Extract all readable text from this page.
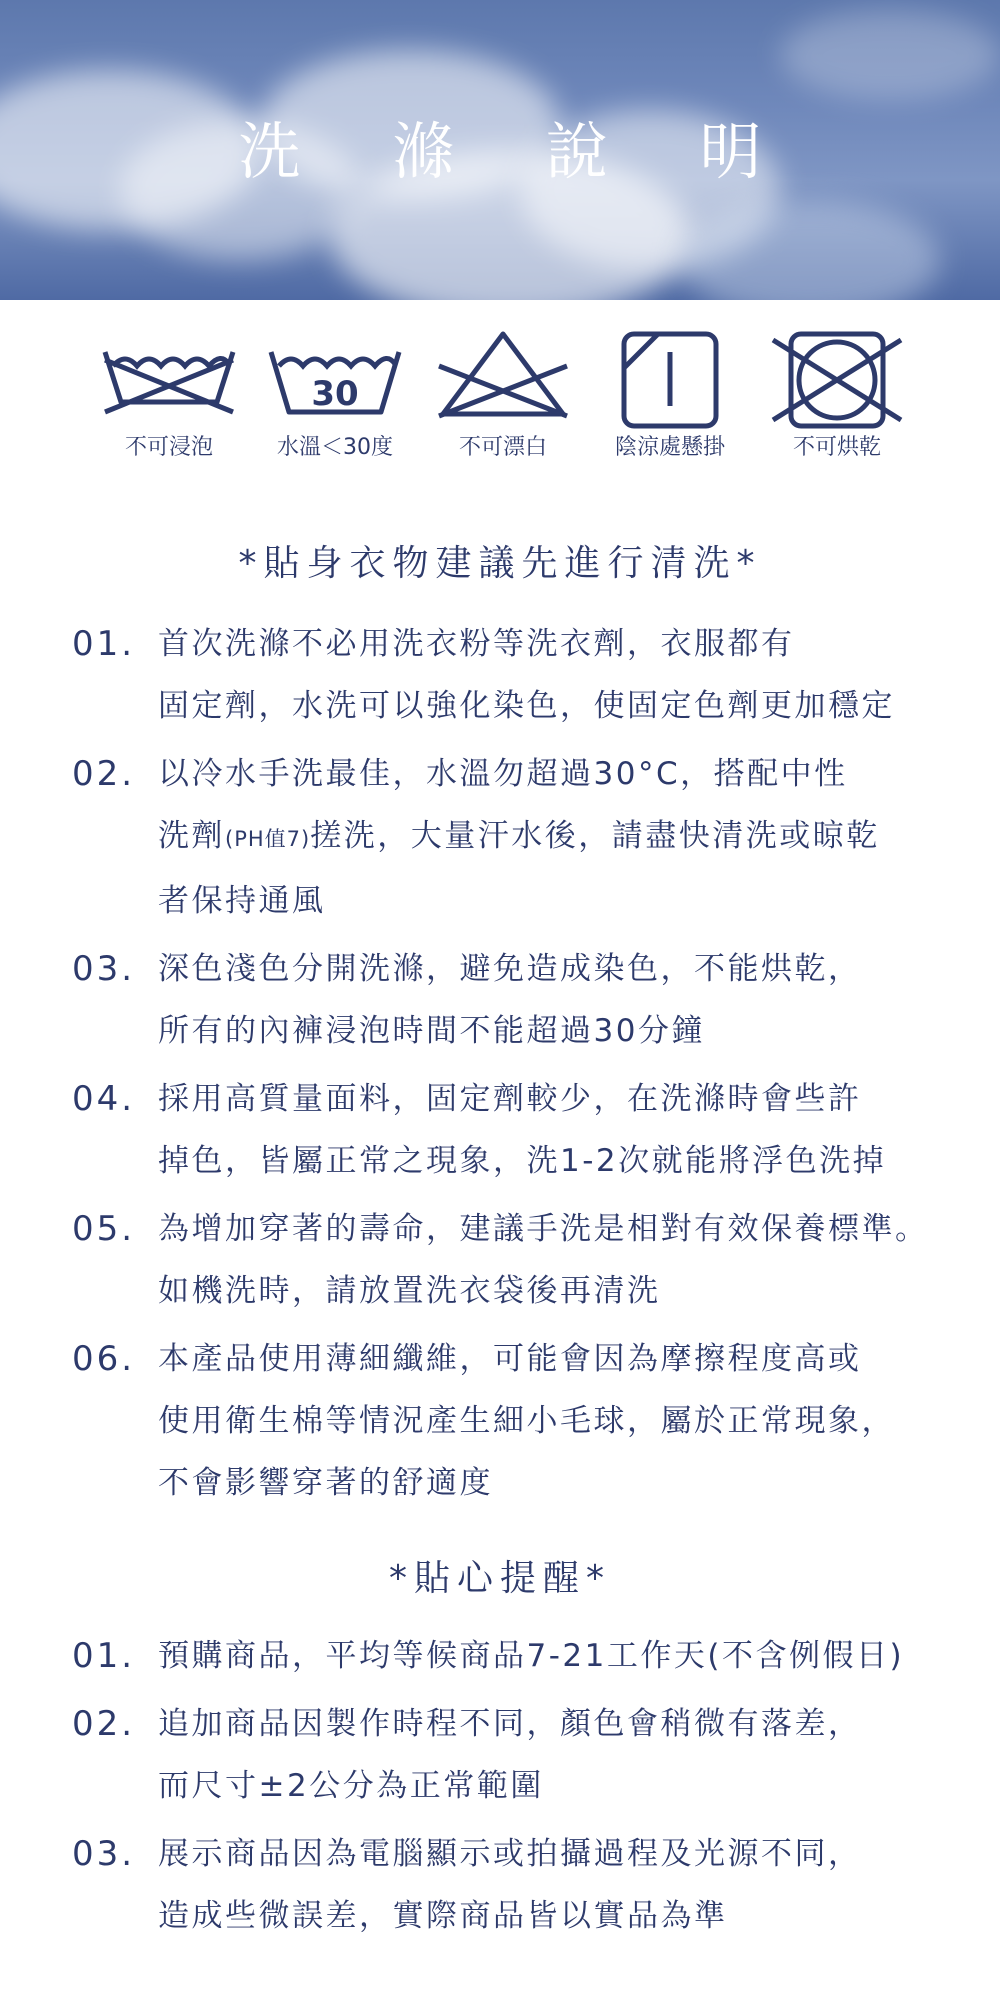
洗 滌 說 明
不可浸泡
30
水溫＜30度	不可漂白	陰涼處懸掛	不可烘乾
*貼身衣物建議先進行清洗*
01. 首次洗滌不必用洗衣粉等洗衣劑，衣服都有
固定劑，水洗可以強化染色，使固定色劑更加穩定
02. 以冷水手洗最佳，水溫勿超過30°C，搭配中性
洗劑(PH值7)搓洗，大量汗水後，請盡快清洗或晾乾
者保持通風
03. 深色淺色分開洗滌，避免造成染色，不能烘乾，
所有的內褲浸泡時間不能超過30分鐘
04. 採用高質量面料，固定劑較少，在洗滌時會些許
掉色，皆屬正常之現象，洗1-2次就能將浮色洗掉
05. 為增加穿著的壽命，建議手洗是相對有效保養標準。
如機洗時，請放置洗衣袋後再清洗
06. 本產品使用薄細纖維，可能會因為摩擦程度高或
使用衛生棉等情況產生細小毛球，屬於正常現象，
不會影響穿著的舒適度
*貼心提醒*
01. 預購商品，平均等候商品7-21工作天(不含例假日)
02. 追加商品因製作時程不同，顏色會稍微有落差，
而尺寸±2公分為正常範圍
03. 展示商品因為電腦顯示或拍攝過程及光源不同，
造成些微誤差，實際商品皆以實品為準
